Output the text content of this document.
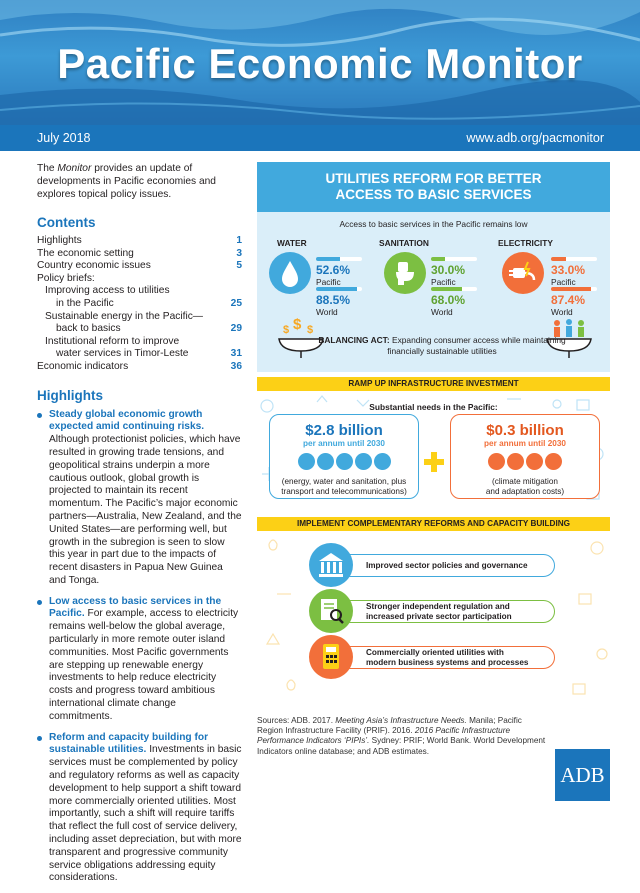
Pacific Economic Monitor
July 2018	www.adb.org/pacmonitor

The Monitor provides an update of developments in Pacific economies and explores topical policy issues.

Contents
Highlights	1
The economic setting	3
Country economic issues	5
Policy briefs:
Improving access to utilities
in the Pacific	25
Sustainable energy in the Pacific—
back to basics	29
Institutional reform to improve
water services in Timor-Leste	31
Economic indicators	36
Highlights
Steady global economic growth expected amid continuing risks. Although protectionist policies, which have resulted in growing trade tensions, and geopolitical strains underpin a more cautious outlook, global growth is projected to maintain its recent momentum. The Pacific’s major economic partners—Australia, New Zealand, and the United States—are performing well, but growth in the subregion is seen to slow this year in part due to the impacts of recent disasters in Papua New Guinea and Tonga.
Low access to basic services in the Pacific. For example, access to electricity remains well-below the global average, particularly in more remote outer island communities. Most Pacific governments are stepping up renewable energy investments to help reduce electricity costs and progress toward ambitious international climate change commitments.
Reform and capacity building for sustainable utilities. Investments in basic services must be complemented by policy and regulatory reforms as well as capacity development to help support a shift toward more commercially oriented utilities. Most importantly, such a shift will require tariffs that reflect the full cost of service delivery, including asset depreciation, but with more transparent and progressive community service obligations addressing equity considerations.
UTILITIES REFORM FOR BETTER
ACCESS TO BASIC SERVICES
Access to basic services in the Pacific remains low
WATER
52.6%
Pacific
88.5%
World
SANITATION
30.0%
Pacific
68.0%
World
ELECTRICITY
33.0%
Pacific
87.4%
World
$ $ $
BALANCING ACT: Expanding consumer access while maintaining financially sustainable utilities
RAMP UP INFRASTRUCTURE INVESTMENT
Substantial needs in the Pacific:
$2.8 billion
per annum until 2030
(energy, water and sanitation, plus
transport and telecommunications)
$0.3 billion
per annum until 2030
(climate mitigation
and adaptation costs)
IMPLEMENT COMPLEMENTARY REFORMS AND CAPACITY BUILDING
Improved sector policies and governance
Stronger independent regulation and
increased private sector participation
Commercially oriented utilities with
modern business systems and processes

Sources: ADB. 2017. Meeting Asia’s Infrastructure Needs. Manila; Pacific Region Infrastructure Facility (PRIF). 2016. 2016 Pacific Infrastructure Performance Indicators ‘PIPIs’. Sydney: PRIF; World Bank. World Development Indicators online database; and ADB estimates.

ADB
